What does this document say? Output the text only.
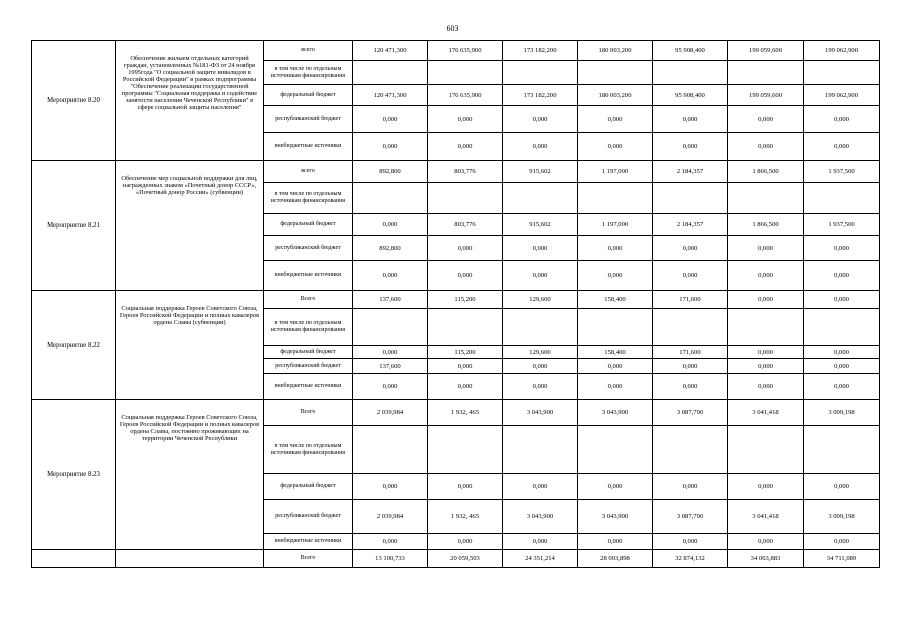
603
Мероприятие 8.20	Обеспечение жилыем отдельных категорий граждан, установленных №181-ФЗ от 24 ноября 1995года "О социальной защите инвалидов в Российской Федерации" в рамках подпрограммы "Обеспечение реализации государственной программы "Социальная поддержка и содействие занятости населения Чеченской Республики" в сфере социальной защиты населения"	всего	120 471,300	176 635,900	173 182,200	180 003,200	95 908,400	199 059,600	199 062,900
		в том числе по отдельным источникам финансирования							
		федеральный бюджет	120 471,300	176 635,900	173 182,200	180 003,200	95 908,400	199 059,600	199 062,900
		республиканский бюджет	0,000	0,000	0,000	0,000	0,000	0,000	0,000
		внебюджетные источники	0,000	0,000	0,000	0,000	0,000	0,000	0,000
Мероприятие 8.21	Обеспечение мер социальной поддержки для лиц, награжденных знаком «Почетный донор СССР», «Почетный донор России» (субвенции)	всего	892,800	803,776	915,602	1 197,000	2 184,357	1 866,500	1 937,500
		в том числе по отдельным источникам финансирования							
		федеральный бюджет	0,000	803,776	915,602	1 197,000	2 184,357	1 866,500	1 937,500
		республиканский бюджет	892,800	0,000	0,000	0,000	0,000	0,000	0,000
		внебюджетные источники	0,000	0,000	0,000	0,000	0,000	0,000	0,000
Мероприятие 8.22	Социальная поддержка Героев Советского Союза, Героев Российской Федерации и полных кавалеров ордена Славы (субвенции)	Всего	137,600	115,200	129,600	158,400	171,600	0,000	0,000
		в том числе по отдельным источникам финансирования							
		федеральный бюджет	0,000	115,200	129,600	158,400	171,600	0,000	0,000
		республиканский бюджет	137,600	0,000	0,000	0,000	0,000	0,000	0,000
		внебюджетные источники	0,000	0,000	0,000	0,000	0,000	0,000	0,000
Мероприятие 8.23	Социальная поддержка Героев Советского Союза, Героев Российской Федерации и полных кавалеров ордена Славы, постоянно проживающих на территории Чеченской Республики	Всего	2 039,984	1 932, 465	3 043,900	3 043,900	3 087,790	3 041,418	3 099,198
		в том числе по отдельным источникам финансирования							
		федеральный бюджет	0,000	0,000	0,000	0,000	0,000	0,000	0,000
		республиканский бюджет	2 039,984	1 932, 465	3 043,900	3 043,900	3 087,790	3 041,418	3 099,198
		внебюджетные источники	0,000	0,000	0,000	0,000	0,000	0,000	0,000
		Всего	13 100,733	20 059,503	24 351,214	28 003,898	32 874,132	34 063,883	34 711,089
